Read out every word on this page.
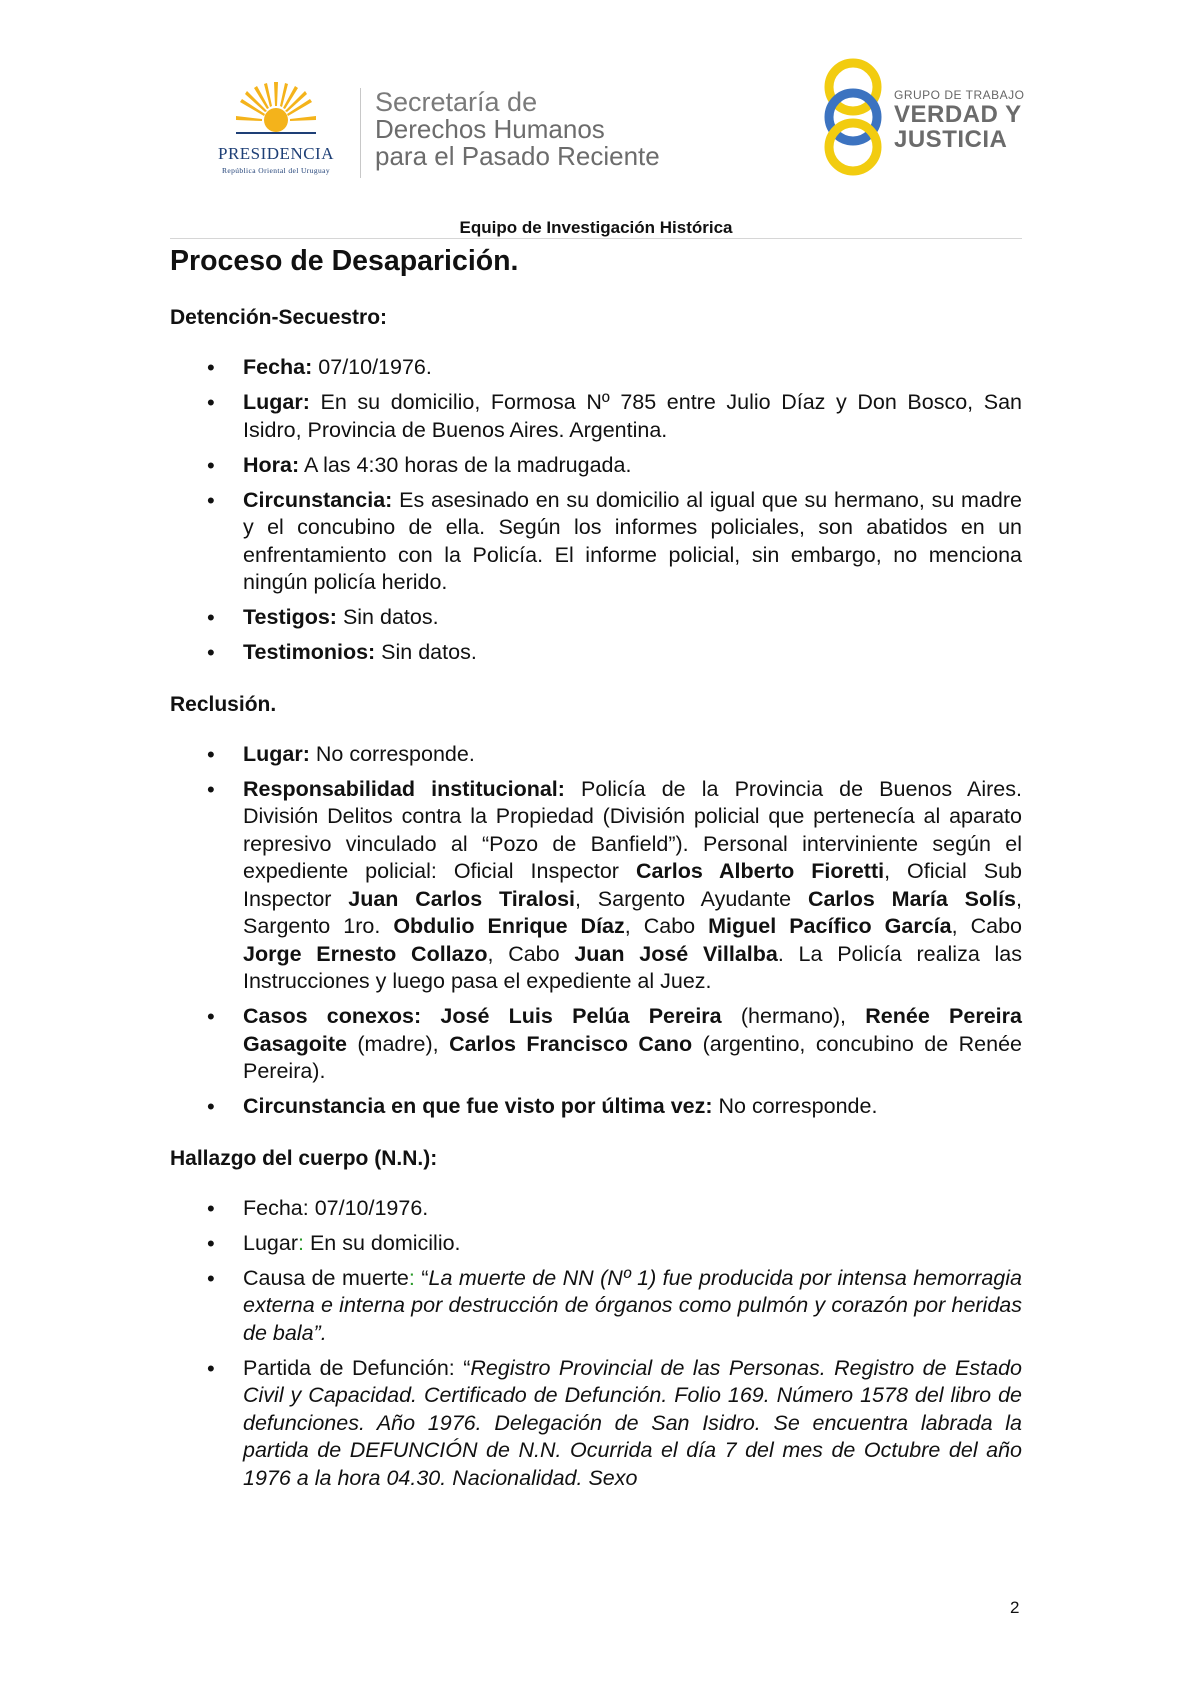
PRESIDENCIA
República Oriental del Uruguay
Secretaría de
Derechos Humanos
para el Pasado Reciente
GRUPO DE TRABAJO
VERDAD Y
JUSTICIA
Equipo de Investigación Histórica
Proceso de Desaparición.
Detención-Secuestro:
• Fecha: 07/10/1976.
• Lugar: En su domicilio, Formosa Nº 785 entre Julio Díaz y Don Bosco, San Isidro, Provincia de Buenos Aires. Argentina.
• Hora: A las 4:30 horas de la madrugada.
• Circunstancia: Es asesinado en su domicilio al igual que su hermano, su madre y el concubino de ella. Según los informes policiales, son abatidos en un enfrentamiento con la Policía. El informe policial, sin embargo, no menciona ningún policía herido.
• Testigos: Sin datos.
• Testimonios: Sin datos.
Reclusión.
• Lugar: No corresponde.
• Responsabilidad institucional: Policía de la Provincia de Buenos Aires. División Delitos contra la Propiedad (División policial que pertenecía al aparato represivo vinculado al “Pozo de Banfield”). Personal interviniente según el expediente policial: Oficial Inspector Carlos Alberto Fioretti, Oficial Sub Inspector Juan Carlos Tiralosi, Sargento Ayudante Carlos María Solís, Sargento 1ro. Obdulio Enrique Díaz, Cabo Miguel Pacífico García, Cabo Jorge Ernesto Collazo, Cabo Juan José Villalba. La Policía realiza las Instrucciones y luego pasa el expediente al Juez.
• Casos conexos: José Luis Pelúa Pereira (hermano), Renée Pereira Gasagoite (madre), Carlos Francisco Cano (argentino, concubino de Renée Pereira).
• Circunstancia en que fue visto por última vez: No corresponde.
Hallazgo del cuerpo (N.N.):
• Fecha: 07/10/1976.
• Lugar: En su domicilio.
• Causa de muerte: “La muerte de NN (Nº 1) fue producida por intensa hemorragia externa e interna por destrucción de órganos como pulmón y corazón por heridas de bala”.
• Partida de Defunción: “Registro Provincial de las Personas. Registro de Estado Civil y Capacidad. Certificado de Defunción. Folio 169. Número 1578 del libro de defunciones. Año 1976. Delegación de San Isidro. Se encuentra labrada la partida de DEFUNCIÓN de N.N. Ocurrida el día 7 del mes de Octubre del año 1976 a la hora 04.30. Nacionalidad. Sexo
2
